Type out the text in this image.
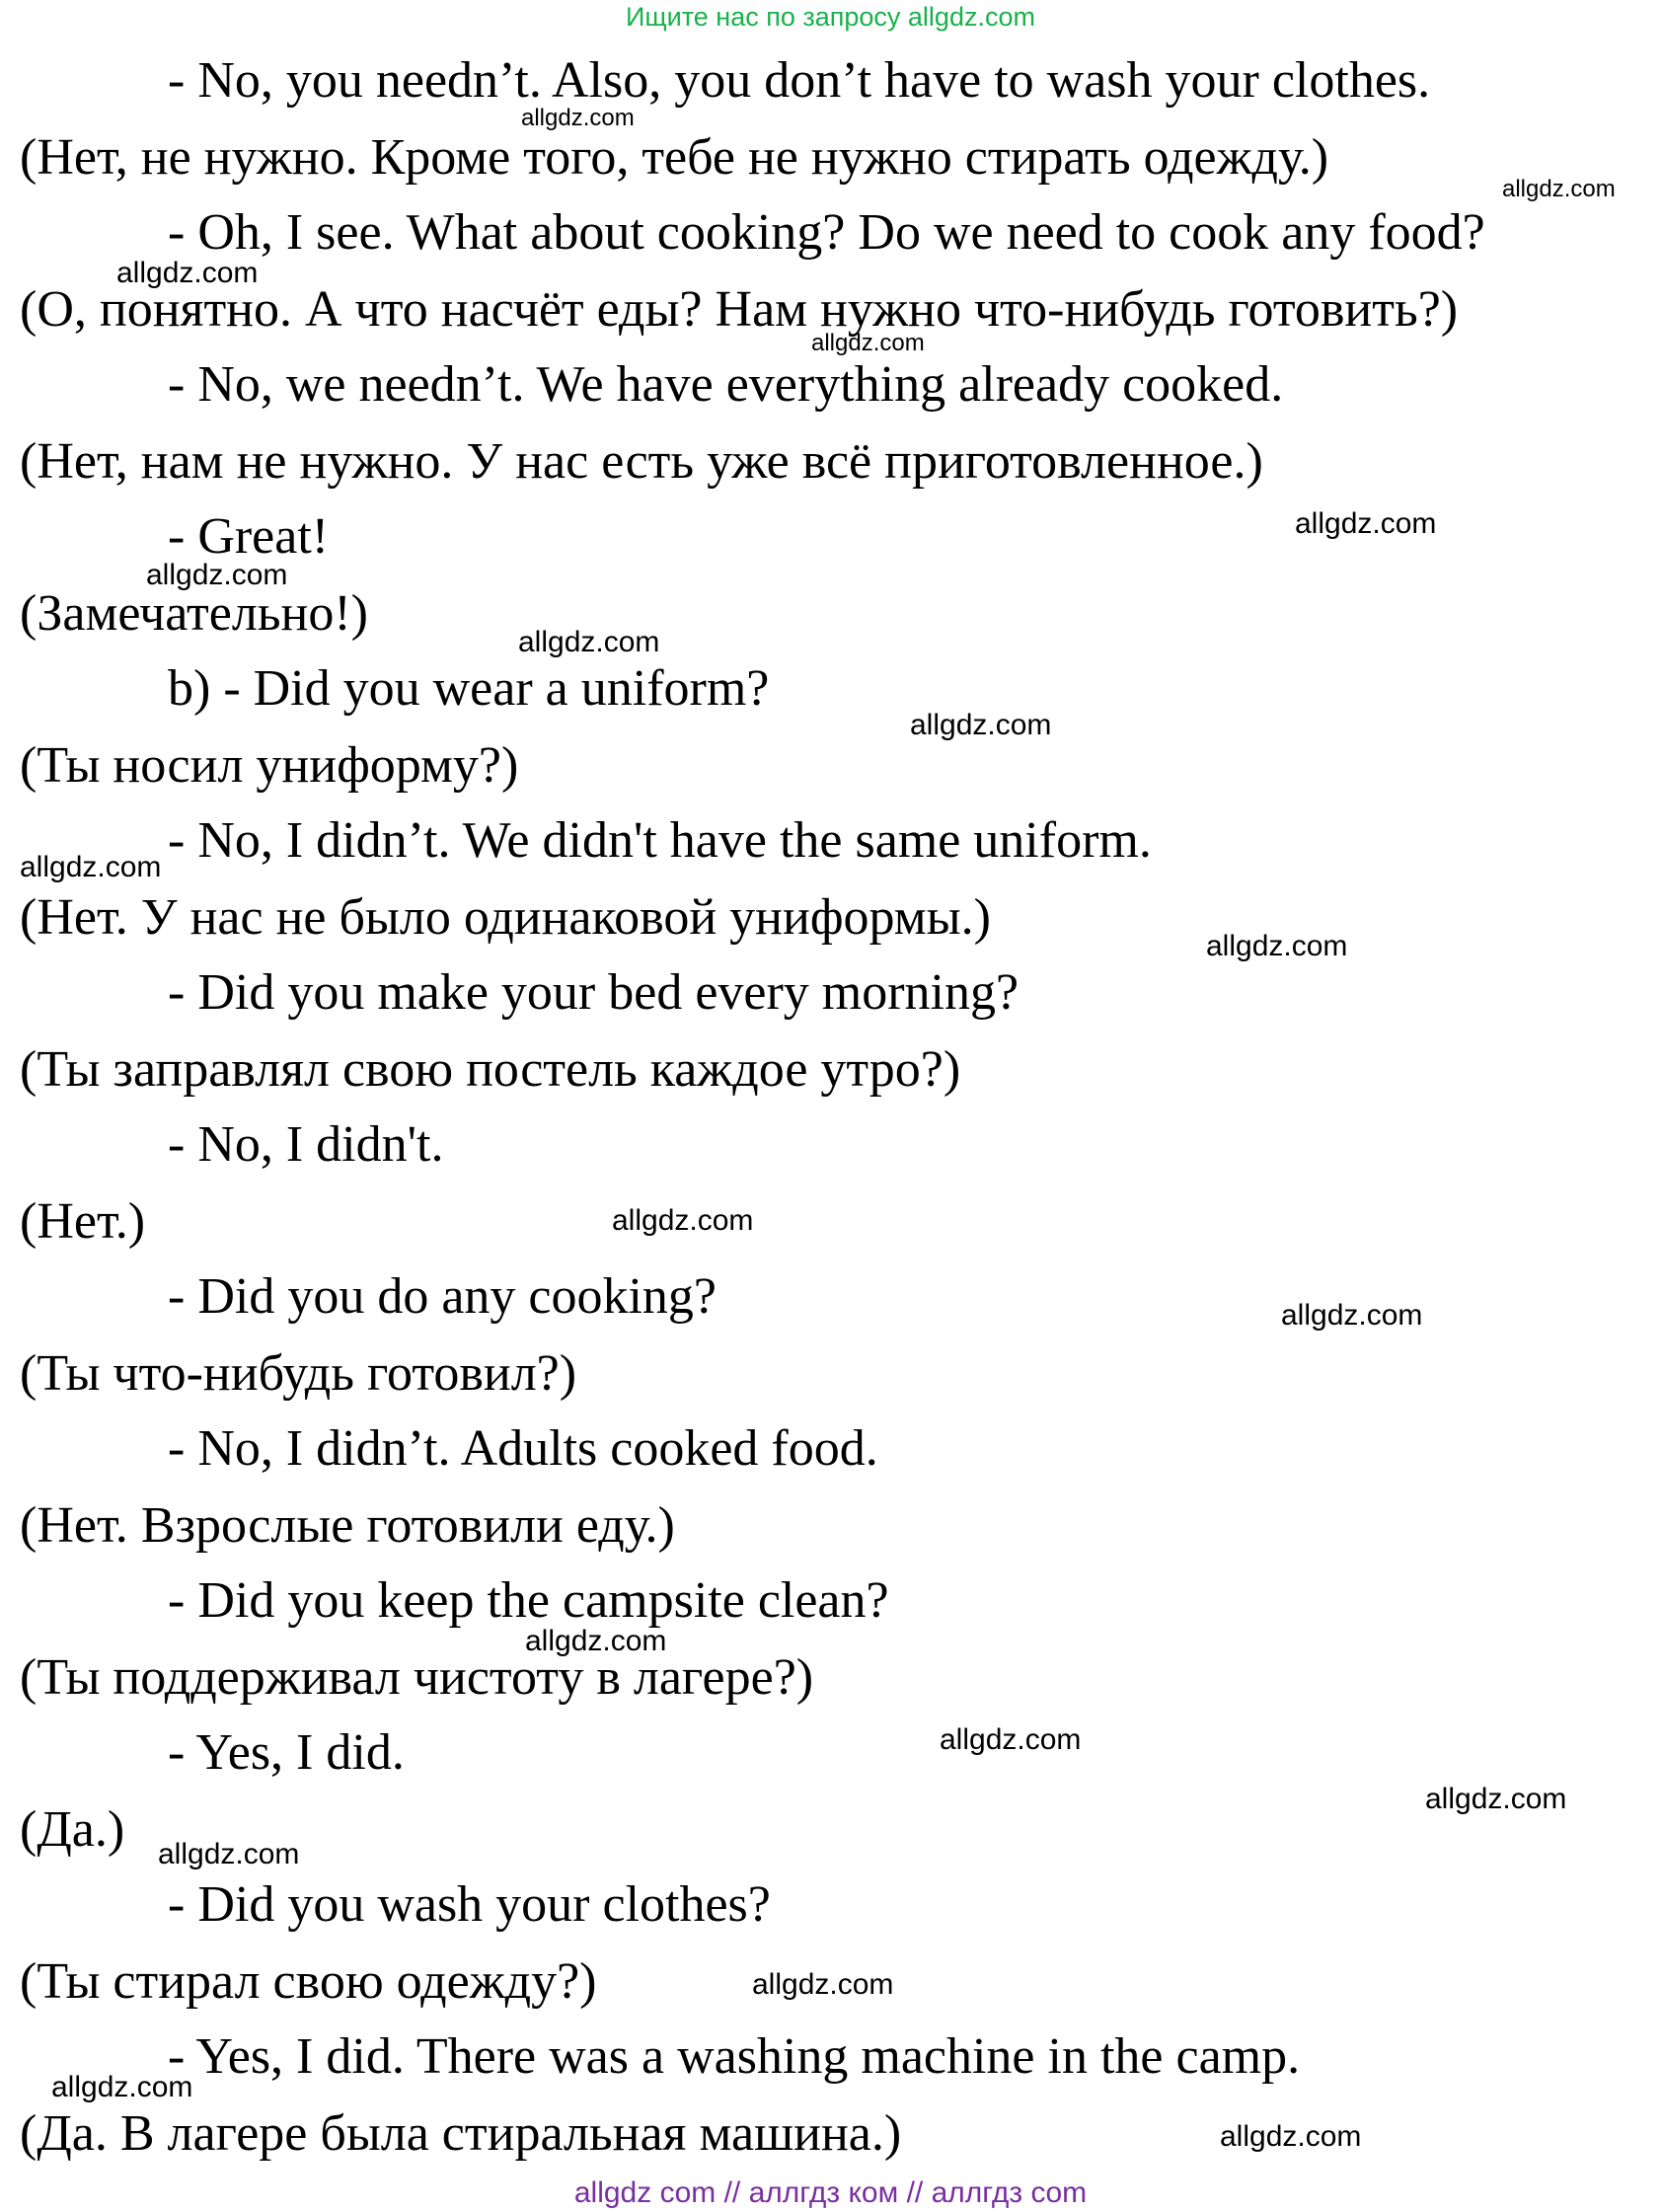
Ищите нас по запросу allgdz.com
- No, you needn’t. Also, you don’t have to wash your clothes.
(Нет, не нужно. Кроме того, тебе не нужно стирать одежду.)
- Oh, I see. What about cooking? Do we need to cook any food?
(О, понятно. А что насчёт еды? Нам нужно что-нибудь готовить?)
- No, we needn’t. We have everything already cooked.
(Нет, нам не нужно. У нас есть уже всё приготовленное.)
- Great!
(Замечательно!)
b) - Did you wear a uniform?
(Ты носил униформу?)
- No, I didn’t. We didn't have the same uniform.
(Нет. У нас не было одинаковой униформы.)
- Did you make your bed every morning?
(Ты заправлял свою постель каждое утро?)
- No, I didn't.
(Нет.)
- Did you do any cooking?
(Ты что-нибудь готовил?)
- No, I didn’t. Adults cooked food.
(Нет. Взрослые готовили еду.)
- Did you keep the campsite clean?
(Ты поддерживал чистоту в лагере?)
- Yes, I did.
(Да.)
- Did you wash your clothes?
(Ты стирал свою одежду?)
- Yes, I did. There was a washing machine in the camp.
(Да. В лагере была стиральная машина.)
allgdz.com
allgdz.com
allgdz.com
allgdz.com
allgdz.com
allgdz.com
allgdz.com
allgdz.com
allgdz.com
allgdz.com
allgdz.com
allgdz.com
allgdz.com
allgdz.com
allgdz.com
allgdz.com
allgdz.com
allgdz.com
allgdz.com
allgdz com // аллгдз ком // аллгдз com
